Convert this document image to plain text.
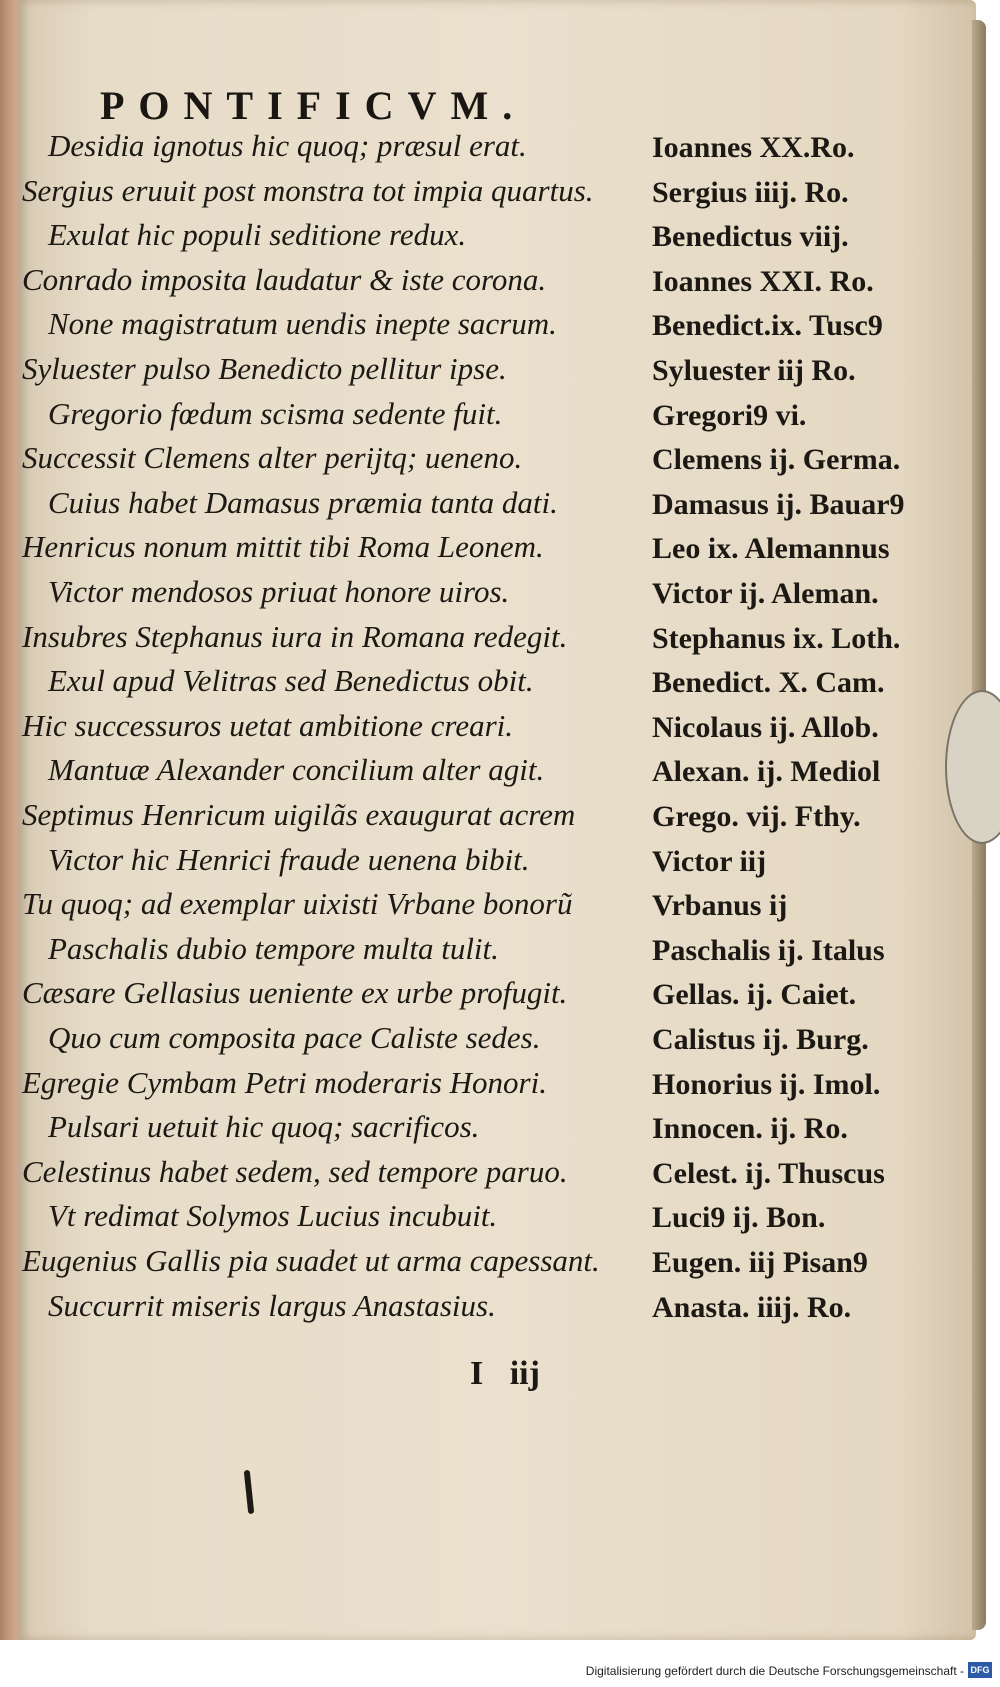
PONTIFICVM.
Desidia ignotus hic quoq; præsul erat.
Sergius eruuit post monstra tot impia quartus.
Exulat hic populi seditione redux.
Conrado imposita laudatur & iste corona.
None magistratum uendis inepte sacrum.
Syluester pulso Benedicto pellitur ipse.
Gregorio fœdum scisma sedente fuit.
Successit Clemens alter perijtq; ueneno.
Cuius habet Damasus præmia tanta dati.
Henricus nonum mittit tibi Roma Leonem.
Victor mendosos priuat honore uiros.
Insubres Stephanus iura in Romana redegit.
Exul apud Velitras sed Benedictus obit.
Hic successuros uetat ambitione creari.
Mantuæ Alexander concilium alter agit.
Septimus Henricum uigilãs exaugurat acrem
Victor hic Henrici fraude uenena bibit.
Tu quoq; ad exemplar uixisti Vrbane bonorũ
Paschalis dubio tempore multa tulit.
Cæsare Gellasius ueniente ex urbe profugit.
Quo cum composita pace Caliste sedes.
Egregie Cymbam Petri moderaris Honori.
Pulsari uetuit hic quoq; sacrificos.
Celestinus habet sedem, sed tempore paruo.
Vt redimat Solymos Lucius incubuit.
Eugenius Gallis pia suadet ut arma capessant.
Succurrit miseris largus Anastasius.
Ioannes XX.Ro.
Sergius iiij. Ro.
Benedictus viij.
Ioannes XXI. Ro.
Benedict.ix. Tusc9
Syluester iij Ro.
Gregori9 vi.
Clemens ij. Germa.
Damasus ij. Bauar9
Leo ix. Alemannus
Victor ij. Aleman.
Stephanus ix. Loth.
Benedict. X. Cam.
Nicolaus ij. Allob.
Alexan. ij. Mediol
Grego. vij. Fthy.
Victor iij
Vrbanus ij
Paschalis ij. Italus
Gellas. ij. Caiet.
Calistus ij. Burg.
Honorius ij. Imol.
Innocen. ij. Ro.
Celest. ij. Thuscus
Luci9 ij. Bon.
Eugen. iij Pisan9
Anasta. iiij. Ro.
I iij
Digitalisierung gefördert durch die Deutsche Forschungsgemeinschaft - DFG
